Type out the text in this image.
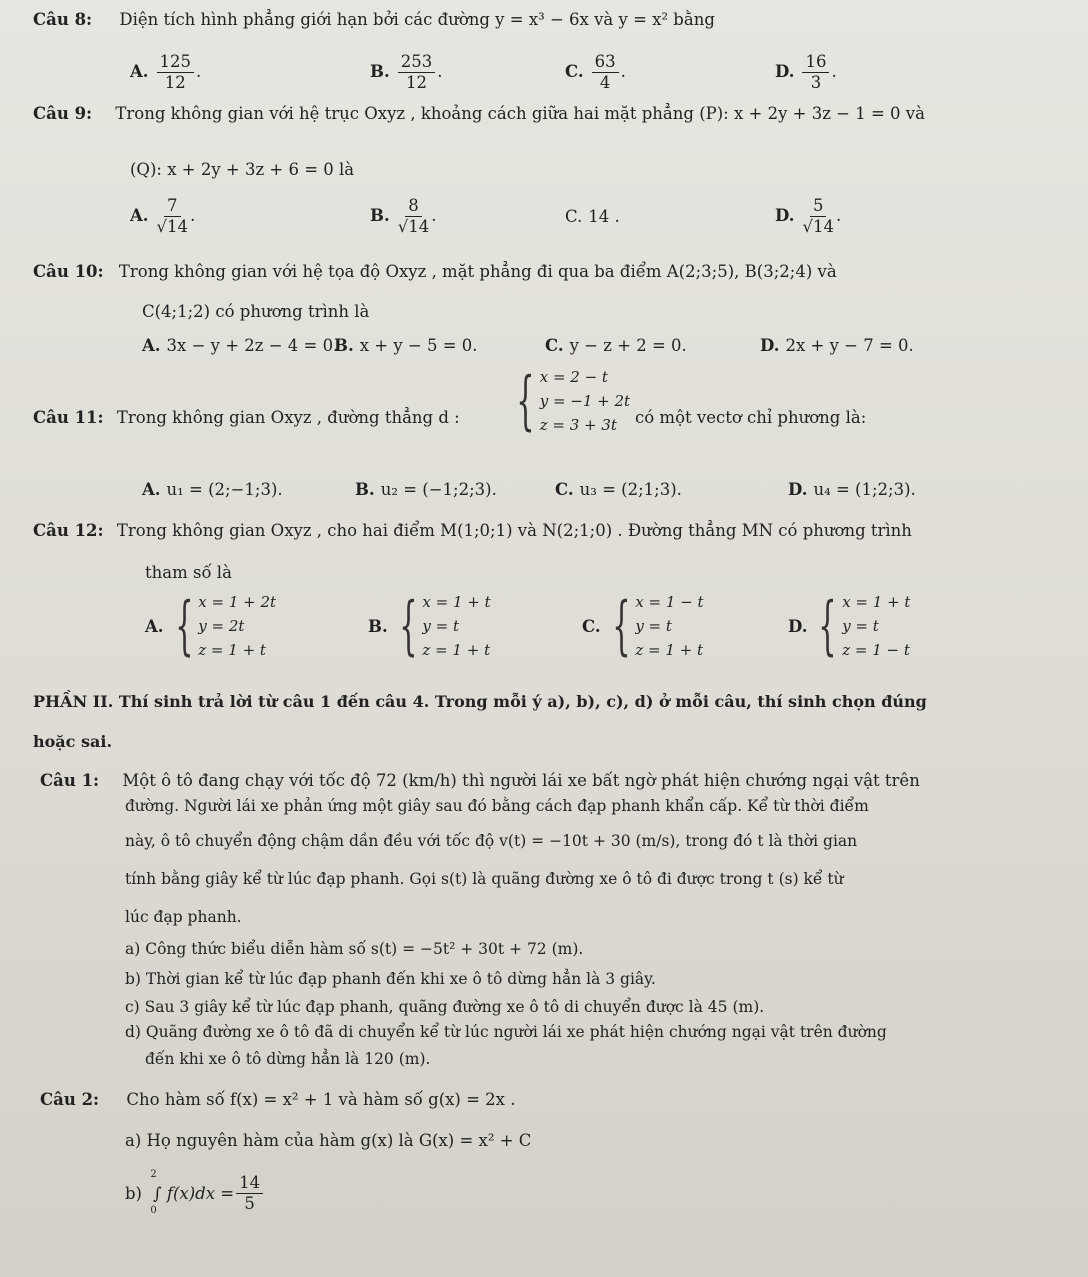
Câu 8: Diện tích hình phẳng giới hạn bởi các đường y = x³ − 6x và y = x² bằng
A. $\frac{125}{12}$ .	B. $\frac{253}{12}$ .	C. $\frac{63}{4}$ .	D. $\frac{16}{3}$ .
Câu 9: Trong không gian với hệ trục Oxyz , khoảng cách giữa hai mặt phẳng (P): x + 2y + 3z − 1 = 0 và
(Q): x + 2y + 3z + 6 = 0 là
A. $\frac{7}{√14}$ .	B. $\frac{8}{√14}$ .	C. 14 .	D. $\frac{5}{√14}$ .
Câu 10: Trong không gian với hệ tọa độ Oxyz , mặt phẳng đi qua ba điểm A(2;3;5), B(3;2;4) và
C(4;1;2) có phương trình là
A. 3x − y + 2z − 4 = 0.
B. x + y − 5 = 0.	C. y − z + 2 = 0.	D. 2x + y − 7 = 0.
Câu 11: Trong không gian Oxyz , đường thẳng d : { x = 2 − t
y = −1 + 2t
z = 3 + 3t	có một vectơ chỉ phương là:
A. u₁ = (2;−1;3).	B. u₂ = (−1;2;3).	C. u₃ = (2;1;3).	D. u₄ = (1;2;3).
Câu 12: Trong không gian Oxyz , cho hai điểm M(1;0;1) và N(2;1;0) . Đường thẳng MN có phương trình
tham số là
A. { x = 1 + 2t
y = 2t
z = 1 + t
B. { x = 1 + t
y = t
z = 1 + t
C. { x = 1 − t
y = t
z = 1 + t
D. { x = 1 + t
y = t
z = 1 − t
PHẦN II. Thí sinh trả lời từ câu 1 đến câu 4. Trong mỗi ý a), b), c), d) ở mỗi câu, thí sinh chọn đúng
hoặc sai.
Câu 1: Một ô tô đang chạy với tốc độ 72 (km/h) thì người lái xe bất ngờ phát hiện chướng ngại vật trên
đường. Người lái xe phản ứng một giây sau đó bằng cách đạp phanh khẩn cấp. Kể từ thời điểm
này, ô tô chuyển động chậm dần đều với tốc độ v(t) = −10t + 30 (m/s), trong đó t là thời gian
tính bằng giây kể từ lúc đạp phanh. Gọi s(t) là quãng đường xe ô tô đi được trong t (s) kể từ
lúc đạp phanh.
a) Công thức biểu diễn hàm số s(t) = −5t² + 30t + 72 (m).
b) Thời gian kể từ lúc đạp phanh đến khi xe ô tô dừng hẳn là 3 giây.
c) Sau 3 giây kể từ lúc đạp phanh, quãng đường xe ô tô di chuyển được là 45 (m).
d) Quãng đường xe ô tô đã di chuyển kể từ lúc người lái xe phát hiện chướng ngại vật trên đường
đến khi xe ô tô dừng hẳn là 120 (m).
Câu 2: Cho hàm số f(x) = x² + 1 và hàm số g(x) = 2x .
a) Họ nguyên hàm của hàm g(x) là G(x) = x² + C
b)
2

0
∫ $f(x)dx = \frac{14}{5}$
